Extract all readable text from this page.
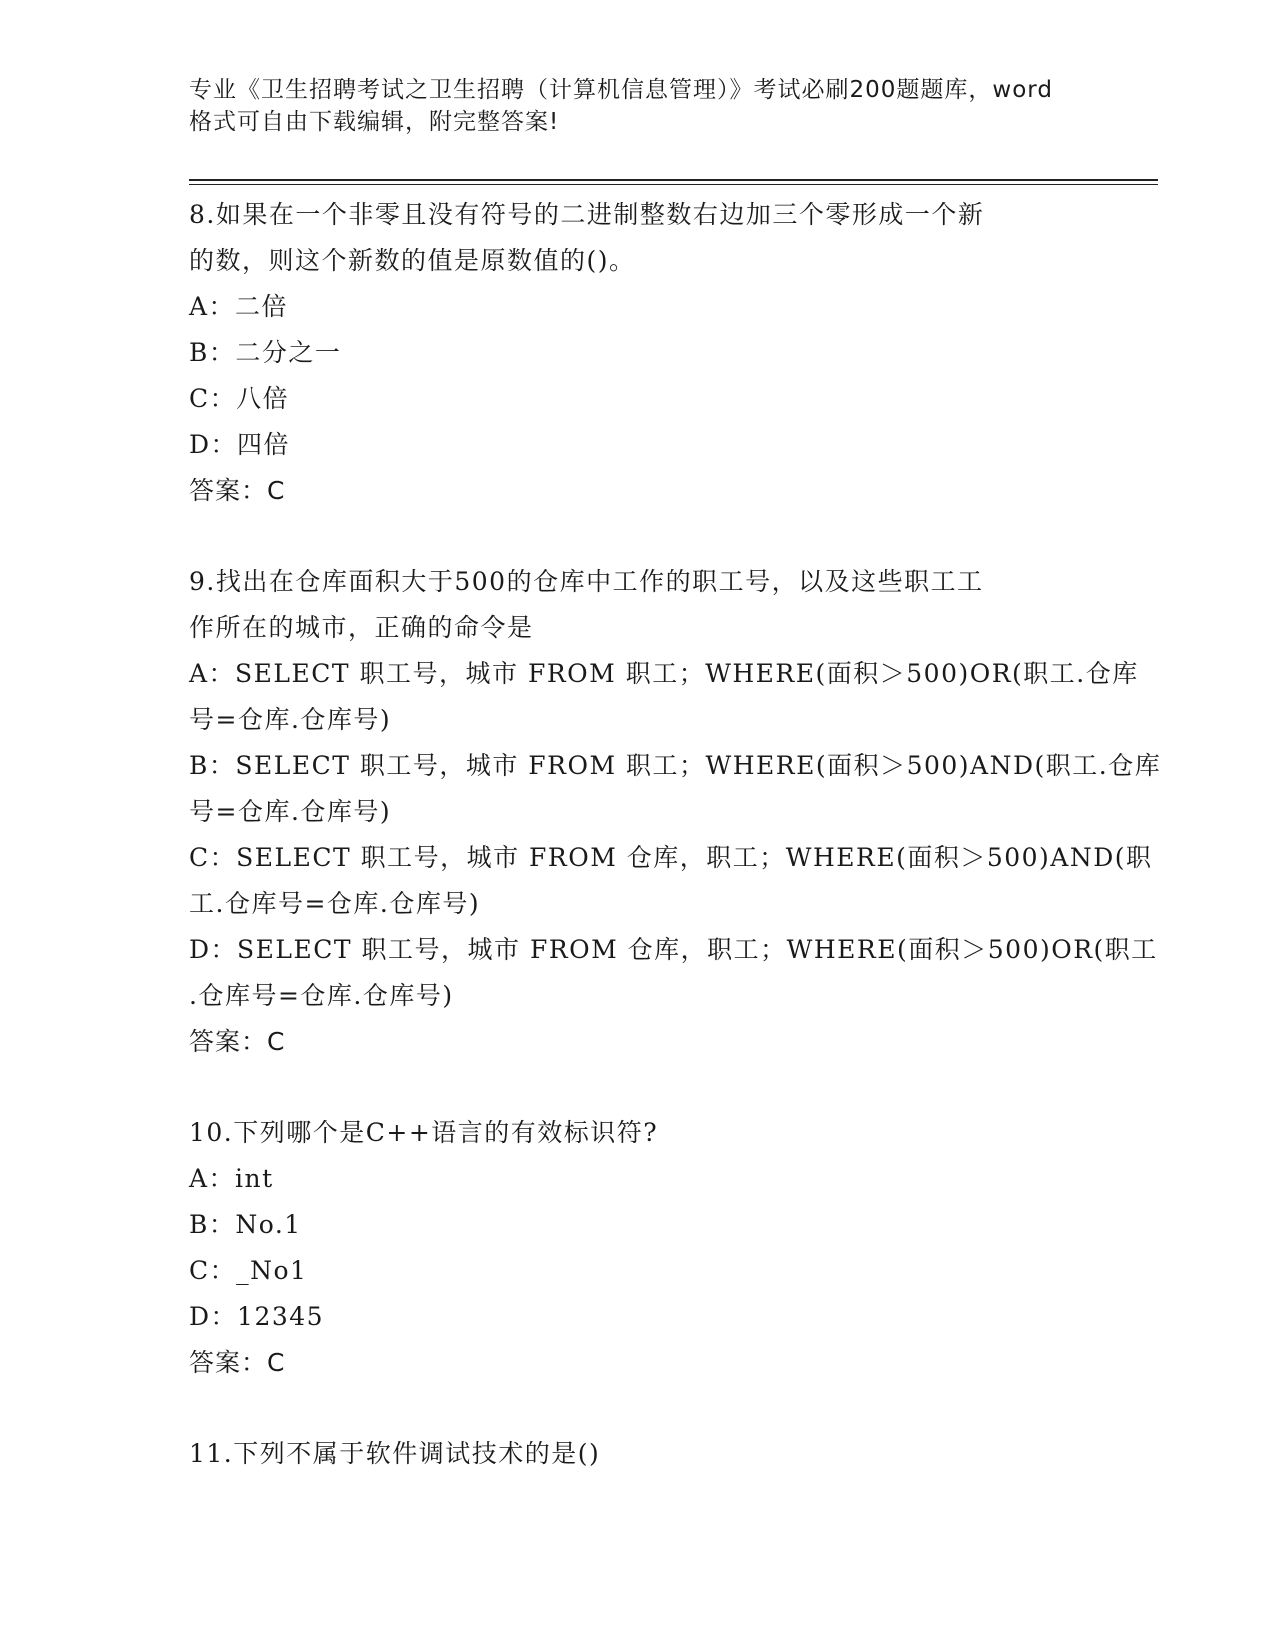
专业《卫生招聘考试之卫生招聘（计算机信息管理）》考试必刷200题题库，word
格式可自由下载编辑，附完整答案!
8.如果在一个非零且没有符号的二进制整数右边加三个零形成一个新
的数，则这个新数的值是原数值的()。
A：二倍
B：二分之一
C：八倍
D：四倍
答案：C
9.找出在仓库面积大于500的仓库中工作的职工号，以及这些职工工
作所在的城市，正确的命令是
A：SELECT 职工号，城市 FROM 职工；WHERE(面积＞500)OR(职工.仓库
号=仓库.仓库号)
B：SELECT 职工号，城市 FROM 职工；WHERE(面积＞500)AND(职工.仓库
号=仓库.仓库号)
C：SELECT 职工号，城市 FROM 仓库，职工；WHERE(面积＞500)AND(职
工.仓库号=仓库.仓库号)
D：SELECT 职工号，城市 FROM 仓库，职工；WHERE(面积＞500)OR(职工
.仓库号=仓库.仓库号)
答案：C
10.下列哪个是C++语言的有效标识符?
A：int
B：No.1
C：_No1
D：12345
答案：C
11.下列不属于软件调试技术的是()
